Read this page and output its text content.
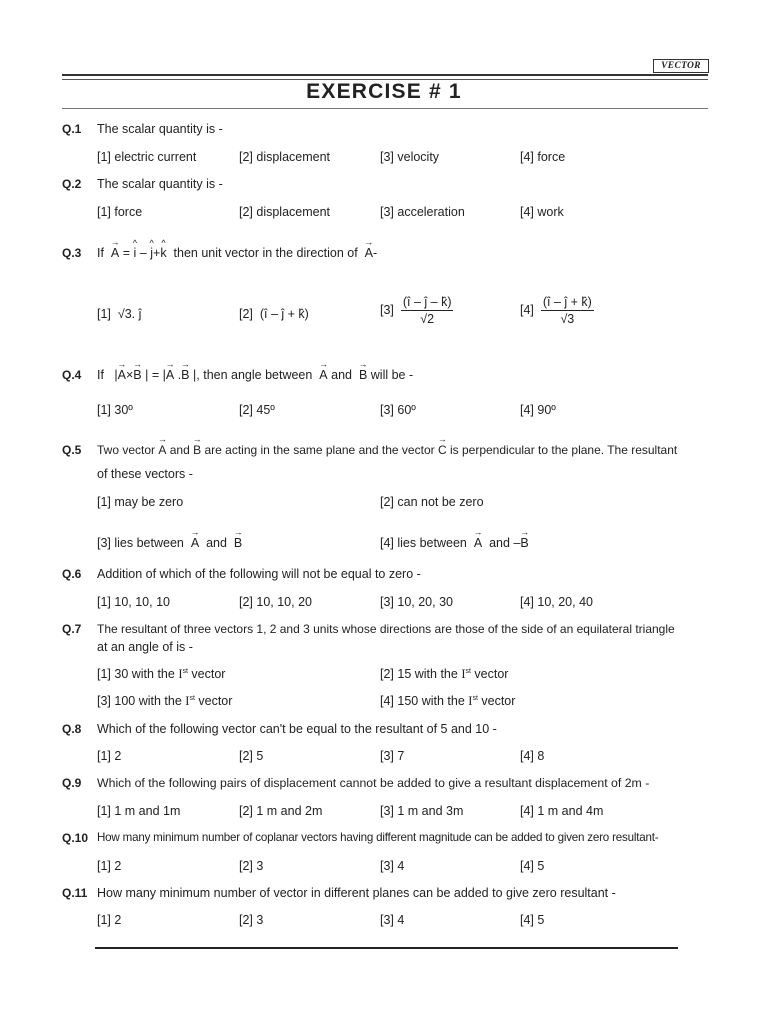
VECTOR
EXERCISE # 1
Q.1 The scalar quantity is -
[1] electric current	[2] displacement	[3] velocity	[4] force
Q.2 The scalar quantity is -
[1] force	[2] displacement	[3] acceleration	[4] work
Q.3 If → A = ^ i – ^ j+^ k then unit vector in the direction of → A-
[1] √3. ĵ	[2] (î – ĵ + k̂)	$[3] \frac{(î - ĵ - k̂)}{√2}$	$[4] \frac{(î - ĵ + k̂)}{√3}$
Q.4 If |→ A×→ B | = |→ A .→ B |, then angle between → A and → B will be -
[1] 30º	[2] 45º	[3] 60º	[4] 90º
Q.5 Two vector → A and → B are acting in the same plane and the vector → C is perpendicular to the plane. The resultant
of these vectors -
[1] may be zero	[2] can not be zero
[3] lies between → A and → B	[4] lies between → A and –→ B
Q.6 Addition of which of the following will not be equal to zero -
[1] 10, 10, 10	[2] 10, 10, 20	[3] 10, 20, 30	[4] 10, 20, 40
Q.7 The resultant of three vectors 1, 2 and 3 units whose directions are those of the side of an equilateral triangle
at an angle of is -
[1] 30 with the Ist vector	[2] 15 with the Ist vector
[3] 100 with the Ist vector	[4] 150 with the Ist vector
Q.8 Which of the following vector can't be equal to the resultant of 5 and 10 -
[1] 2	[2] 5	[3] 7	[4] 8
Q.9 Which of the following pairs of displacement cannot be added to give a resultant displacement of 2m -
[1] 1 m and 1m	[2] 1 m and 2m	[3] 1 m and 3m	[4] 1 m and 4m
Q.10 How many minimum number of coplanar vectors having different magnitude can be added to given zero resultant-
[1] 2	[2] 3	[3] 4	[4] 5
Q.11 How many minimum number of vector in different planes can be added to give zero resultant -
[1] 2	[2] 3	[3] 4	[4] 5
